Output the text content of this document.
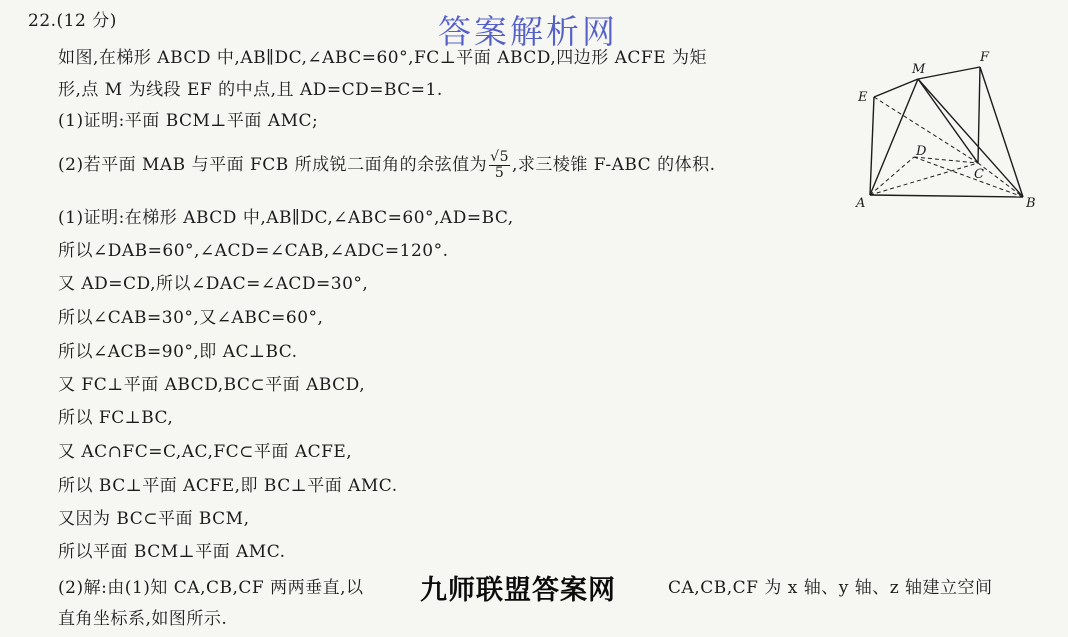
22.(12 分)	答案解析网
如图,在梯形 ABCD 中,AB∥DC,∠ABC=60°,FC⊥平面 ABCD,四边形 ACFE 为矩
形,点 M 为线段 EF 的中点,且 AD=CD=BC=1.
(1)证明:平面 BCM⊥平面 AMC;
(2)若平面 MAB 与平面 FCB 所成锐二面角的余弦值为 $\frac{√5}{5}$ ,求三棱锥 F-ABC 的体积.
(1)证明:在梯形 ABCD 中,AB∥DC,∠ABC=60°,AD=BC,
所以∠DAB=60°,∠ACD=∠CAB,∠ADC=120°.
又 AD=CD,所以∠DAC=∠ACD=30°,
所以∠CAB=30°,又∠ABC=60°,
所以∠ACB=90°,即 AC⊥BC.
又 FC⊥平面 ABCD,BC⊂平面 ABCD,
所以 FC⊥BC,
又 AC∩FC=C,AC,FC⊂平面 ACFE,
所以 BC⊥平面 ACFE,即 BC⊥平面 AMC.
又因为 BC⊂平面 BCM,
所以平面 BCM⊥平面 AMC.
(2)解:由(1)知 CA,CB,CF 两两垂直,以	CA,CB,CF 为 x 轴、y 轴、z 轴建立空间
直角坐标系,如图所示.
九师联盟答案网
E
M
F
D
C
A	B
